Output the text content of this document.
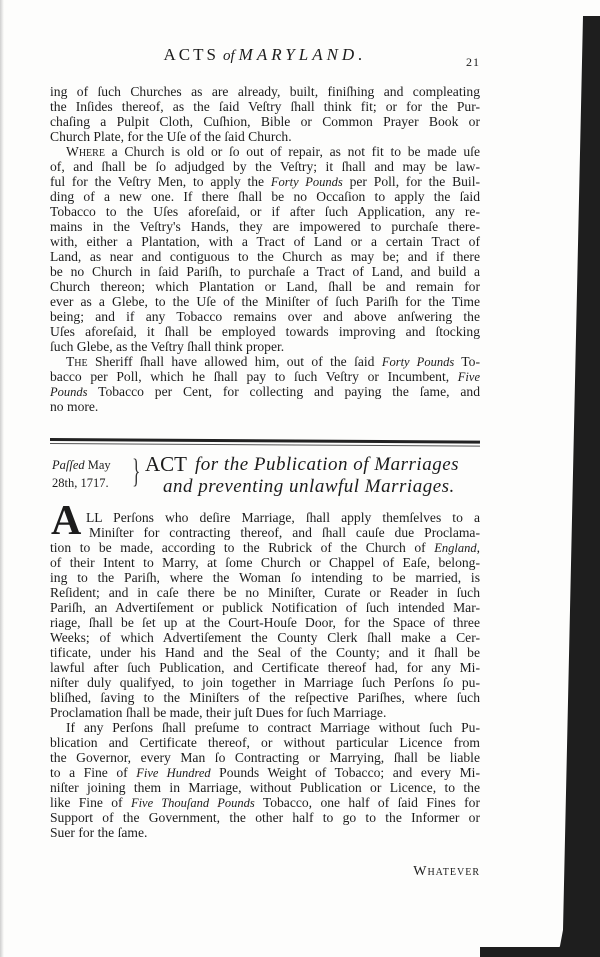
ACTS of MARYLAND.	21
ing of ſuch Churches as are already, built, finiſhing and compleating
the Inſides thereof, as the ſaid Veſtry ſhall think fit; or for the Pur-
chaſing a Pulpit Cloth, Cuſhion, Bible or Common Prayer Book or
Church Plate, for the Uſe of the ſaid Church.
Where a Church is old or ſo out of repair, as not fit to be made uſe
of, and ſhall be ſo adjudged by the Veſtry; it ſhall and may be law-
ful for the Veſtry Men, to apply the Forty Pounds per Poll, for the Buil-
ding of a new one. If there ſhall be no Occaſion to apply the ſaid
Tobacco to the Uſes aforeſaid, or if after ſuch Application, any re-
mains in the Veſtry's Hands, they are impowered to purchaſe there-
with, either a Plantation, with a Tract of Land or a certain Tract of
Land, as near and contiguous to the Church as may be; and if there
be no Church in ſaid Pariſh, to purchaſe a Tract of Land, and build a
Church thereon; which Plantation or Land, ſhall be and remain for
ever as a Glebe, to the Uſe of the Miniſter of ſuch Pariſh for the Time
being; and if any Tobacco remains over and above anſwering the
Uſes aforeſaid, it ſhall be employed towards improving and ſtocking
ſuch Glebe, as the Veſtry ſhall think proper.
The Sheriff ſhall have allowed him, out of the ſaid Forty Pounds To-
bacco per Poll, which he ſhall pay to ſuch Veſtry or Incumbent, Five
Pounds Tobacco per Cent, for collecting and paying the ſame, and
no more.
Paſſed May
28th, 1717. } ACT for the Publication of Marriages
and preventing unlawful Marriages.
A LL Perſons who deſire Marriage, ſhall apply themſelves to a
Miniſter for contracting thereof, and ſhall cauſe due Proclama-
tion to be made, according to the Rubrick of the Church of England,
of their Intent to Marry, at ſome Church or Chappel of Eaſe, belong-
ing to the Pariſh, where the Woman ſo intending to be married, is
Reſident; and in caſe there be no Miniſter, Curate or Reader in ſuch
Pariſh, an Advertiſement or publick Notification of ſuch intended Mar-
riage, ſhall be ſet up at the Court-Houſe Door, for the Space of three
Weeks; of which Advertiſement the County Clerk ſhall make a Cer-
tificate, under his Hand and the Seal of the County; and it ſhall be
lawful after ſuch Publication, and Certificate thereof had, for any Mi-
niſter duly qualifyed, to join together in Marriage ſuch Perſons ſo pu-
bliſhed, ſaving to the Miniſters of the reſpective Pariſhes, where ſuch
Proclamation ſhall be made, their juſt Dues for ſuch Marriage.
If any Perſons ſhall preſume to contract Marriage without ſuch Pu-
blication and Certificate thereof, or without particular Licence from
the Governor, every Man ſo Contracting or Marrying, ſhall be liable
to a Fine of Five Hundred Pounds Weight of Tobacco; and every Mi-
niſter joining them in Marriage, without Publication or Licence, to the
like Fine of Five Thouſand Pounds Tobacco, one half of ſaid Fines for
Support of the Government, the other half to go to the Informer or
Suer for the ſame.
Whatever
